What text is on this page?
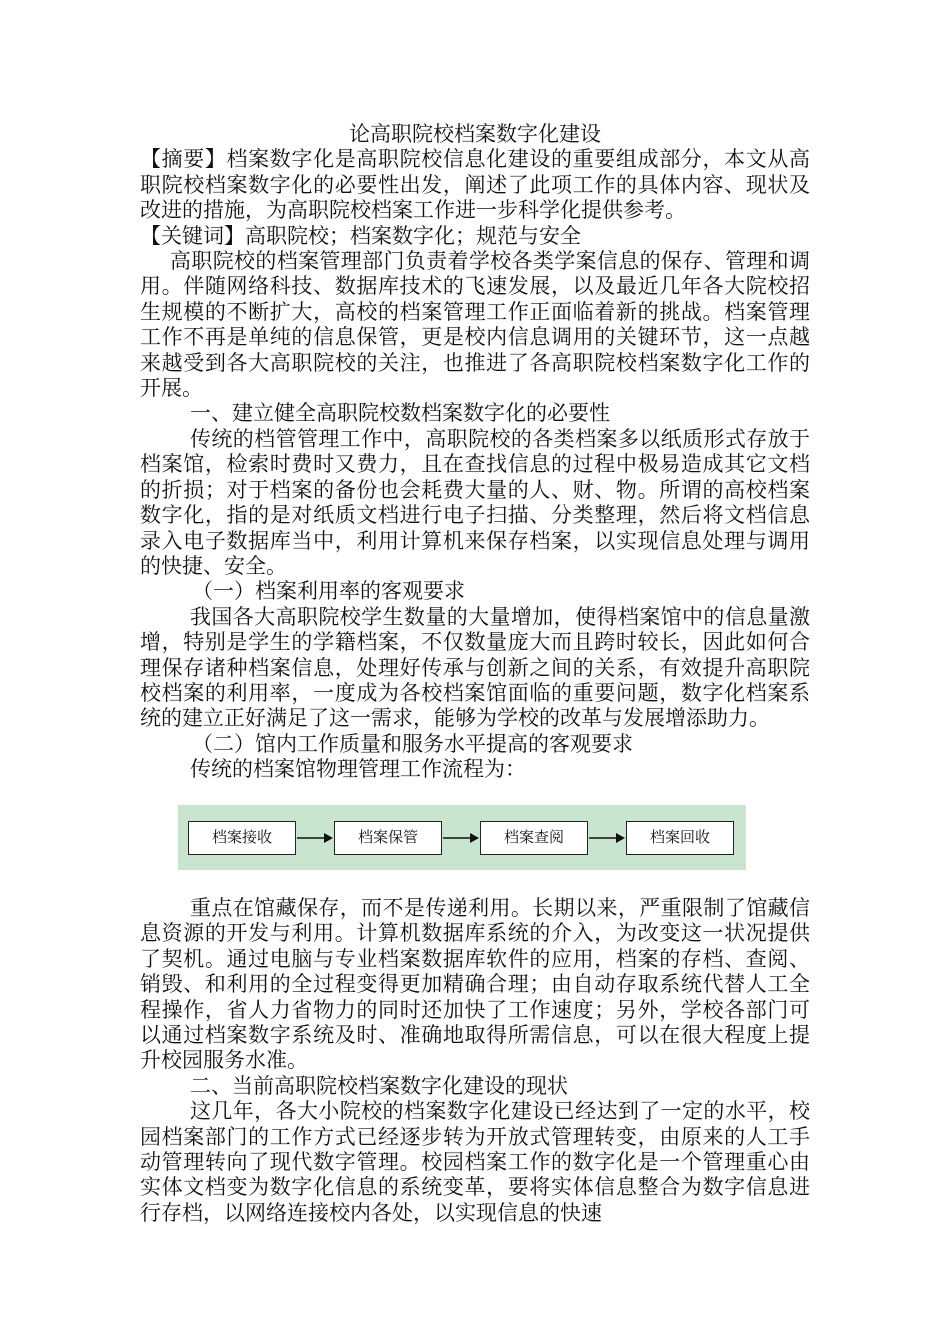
论高职院校档案数字化建设

【摘要】档案数字化是高职院校信息化建设的重要组成部分，本文从高职院校档案数字化的必要性出发，阐述了此项工作的具体内容、现状及改进的措施，为高职院校档案工作进一步科学化提供参考。

【关键词】高职院校；档案数字化；规范与安全

高职院校的档案管理部门负责着学校各类学案信息的保存、管理和调用。伴随网络科技、数据库技术的飞速发展，以及最近几年各大院校招生规模的不断扩大，高校的档案管理工作正面临着新的挑战。档案管理工作不再是单纯的信息保管，更是校内信息调用的关键环节，这一点越来越受到各大高职院校的关注，也推进了各高职院校档案数字化工作的开展。

一、建立健全高职院校数档案数字化的必要性

传统的档管管理工作中，高职院校的各类档案多以纸质形式存放于档案馆，检索时费时又费力，且在查找信息的过程中极易造成其它文档的折损；对于档案的备份也会耗费大量的人、财、物。所谓的高校档案数字化，指的是对纸质文档进行电子扫描、分类整理，然后将文档信息录入电子数据库当中，利用计算机来保存档案，以实现信息处理与调用的快捷、安全。

（一）档案利用率的客观要求

我国各大高职院校学生数量的大量增加，使得档案馆中的信息量激增，特别是学生的学籍档案，不仅数量庞大而且跨时较长，因此如何合理保存诸种档案信息，处理好传承与创新之间的关系，有效提升高职院校档案的利用率，一度成为各校档案馆面临的重要问题，数字化档案系统的建立正好满足了这一需求，能够为学校的改革与发展增添助力。

（二）馆内工作质量和服务水平提高的客观要求

传统的档案馆物理管理工作流程为：

档案接收	档案保管	档案查阅	档案回收

重点在馆藏保存，而不是传递利用。长期以来，严重限制了馆藏信息资源的开发与利用。计算机数据库系统的介入，为改变这一状况提供了契机。通过电脑与专业档案数据库软件的应用，档案的存档、查阅、销毁、和利用的全过程变得更加精确合理；由自动存取系统代替人工全程操作，省人力省物力的同时还加快了工作速度；另外，学校各部门可以通过档案数字系统及时、准确地取得所需信息，可以在很大程度上提升校园服务水准。

二、当前高职院校档案数字化建设的现状

这几年，各大小院校的档案数字化建设已经达到了一定的水平，校园档案部门的工作方式已经逐步转为开放式管理转变，由原来的人工手动管理转向了现代数字管理。校园档案工作的数字化是一个管理重心由实体文档变为数字化信息的系统变革，要将实体信息整合为数字信息进行存档，以网络连接校内各处，以实现信息的快速
